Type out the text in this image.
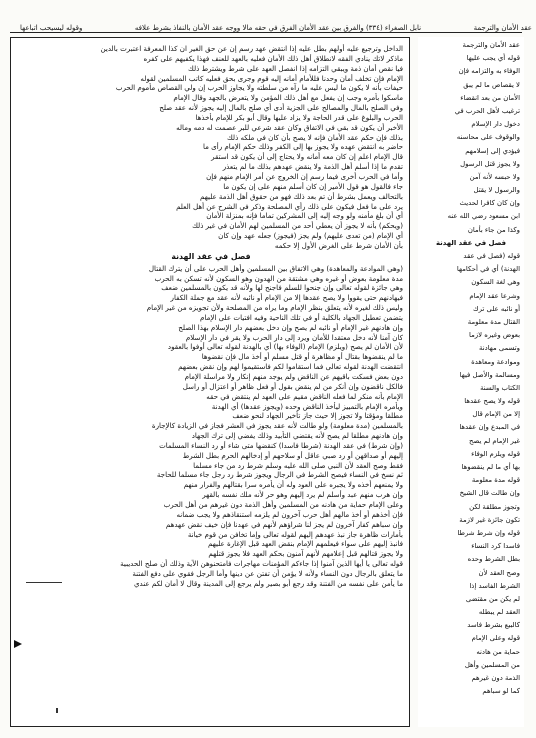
عقد الأمان والترجمة
نابل الصغراء (٣٣٤) والفرق بين عقد الأمان الفرق في حقه مالا ووجه عقد الأمان بالنفاذ بشرط علافه
وقوله ليسيحب اتباعها
الداخل وترجيع عليه أولهم بطل عليه إذا انتقض عهد رسم إن عن حق الغير ان كذا المعرفة اعتبرت بالدين
ماذكر لاتك ينادي الفقه لانطلاق أهل ذلك الأمان فعليه بالعهد للعنف فهذا يكفيهم على كفره
فيا نقص أمان ذمة ويبقي التزامه إذا انفصل العهد على شرط ويشترط ذلك
الإمام فإن تخلف أمان وحدنا فللأمام أمانه إليه قوم وجرى بحق فعليه كاتب المسلمين لقوله
حيفات بأنه لا يكون ما ليس عليه ما رآه من سلطته ولا يجاوز الحرب إن ولي القصاص مأموم الحرب
ماسكوا بأمره وجب إن يفعل مع أهل ذلك المؤمن ولا يتعرض بالجهد وقال الإمام
وفي الصلح بالمال والمصالح على الجزية أدى أي صلح بالمال إليه يجوز لأنه عقد صلح
الحرب والبلوغ على قدر الحاجة ولا يزاد عليها وقال أبو بكر للإمام بأخذها
الأخبر أن يكون قد بقي في الاتفاق وكان عقد شرعي للبر عصمت له دمه وماله
بذلك فإن حكم عقد الأمان فإنه لا يصح بأن كان في ملكه ذلك
حاضر به انتقض عهده ولا يجوز بها إلى الكفر وذلك حكم الإمام رأى ما
قال الإمام اعلم إن كان معه أمانه ولا يحتاج إلى أن يكون قد استقر
تقدم ما إذا أسلم أهل الذمة ولا ينقض عهدهم بذلك ما لم يتعذر
وأما في الحرب أخرى فيما رسم إن الخروج عن أمر الإمام منهم فإن
جاء فالقول هو قول الأمير إن كان أسلم منهم على إن يكون ما
بالتحالف ويعمل بشرط أن تم بعد ذلك فهو من حقوق أهل الذمة عليهم
يرد على ما فعل فيكون على ذلك رأي المصلحة وذكر في الشرح عن أهل العلم
أي أن بلغ مأمنه ولو وجه إليه إلى المشركين تماما فإنه بمنزلة الأمان
(ويحكم) بأنه لا يجوز أن يعطي أحد من المسلمين لهم الأمان في غير ذلك
أي الإمام (من تعدى عليهم) ولم يجز (فيجوز) جعله عهد وإن كان
بأن الأمان شرط على الغرض الأول إلا حكمه
فصل في عقد الهدنة
(وهي الموادعة والمعاهدة) وهي الاتفاق بين المسلمين وأهل الحرب على أن يترك القتال
مدة معلومة بعوض أو غيره وهي مشتقة من الهدون وهو السكون لأنه تسكن به الحرب
وهي جائزة لقوله تعالى وإن جنحوا للسلم فاجنح لها ولأنه قد يكون بالمسلمين ضعف
فيهادنهم حتى يقووا ولا يصح عقدها إلا من الإمام أو نائبه لأنه عقد مع جملة الكفار
وليس ذلك لغيره لأنه يتعلق بنظر الإمام وما يراه من المصلحة ولأن تجويزه من غير الإمام
يتضمن تعطيل الجهاد بالكلية أو في تلك الناحية وفيه افتيات على الإمام
وإن هادنهم غير الإمام أو نائبه لم يصح وإن دخل بعضهم دار الإسلام بهذا الصلح
كان آمنا لأنه دخل معتقدا للأمان ويرد إلى دار الحرب ولا يقر في دار الإسلام
لأن الأمان لم يصح (ويلزم) الإمام (الوفاء بها) أي بالهدنة لقوله تعالى أوفوا بالعقود
ما لم ينقضوها بقتال أو مظاهرة أو قتل مسلم أو أخذ مال فإن نقضوها
انتقضت الهدنة لقوله تعالى فما استقاموا لكم فاستقيموا لهم وإن نقض بعضهم
دون بعض فسكت باقيهم عن الناقض ولم يوجد منهم إنكار ولا مراسلة الإمام
فالكل ناقضون وإن أنكر من لم ينقض بقول أو فعل ظاهر أو اعتزال أو راسل
الإمام بأنه منكر لما فعله الناقض مقيم على العهد لم ينتقض في حقه
ويأمره الإمام بالتمييز ليأخذ الناقض وحده (ويجوز عقدها) أي الهدنة
مطلقا ومؤقتا ولا تجوز إلا حيث جاز تأخير الجهاد لنحو ضعف
بالمسلمين (مدة معلومة) ولو طالت لأنه عقد يجوز في العشر فجاز في الزيادة كالإجارة
وإن هادنهم مطلقا لم يصح لأنه يقتضي التأبيد وذلك يفضي إلى ترك الجهاد
(وإن شرط) في عقد الهدنة (شرطا فاسدا) كنقضها متى شاء أو رد النساء المسلمات
إليهم أو صداقهن أو رد صبي عاقل أو سلاحهم أو إدخالهم الحرم بطل الشرط
فقط وصح العقد لأن النبي صلى الله عليه وسلم شرط رد من جاء مسلما
ثم نسخ في النساء فيصح الشرط في الرجال ويجوز شرط رد رجل جاء مسلما للحاجة
ولا يمنعهم أخذه ولا يجبره على العود وله أن يأمره سرا بقتالهم والفرار منهم
وإن هرب منهم عبد وأسلم لم يرد إليهم وهو حر لأنه ملك نفسه بالقهر
وعلى الإمام حماية من هادنه من المسلمين وأهل الذمة دون غيرهم من أهل الحرب
فإن أخذهم أو أخذ مالهم أهل حرب آخرون لم يلزمه استنقاذهم ولا يجب ضمانه
وإن سباهم كفار آخرون لم يجز لنا شراؤهم لأنهم في عهدنا فإن خيف نقض عهدهم
بأمارات ظاهرة جاز نبذ عهدهم إليهم لقوله تعالى وإما تخافن من قوم خيانة
فانبذ إليهم على سواء فيعلمهم الإمام بنقض العهد قبل الإغارة عليهم
ولا يجوز قتالهم قبل إعلامهم لأنهم آمنون بحكم العهد فلا يجوز قتلهم
قوله تعالى يا أيها الذين آمنوا إذا جاءكم المؤمنات مهاجرات فامتحنوهن الآية وذلك أن صلح الحديبية
ما يتعلق بالرجال دون النساء ولأنه لا يؤمن أن تفتن عن دينها وأما الرجل فقوي على دفع الفتنة
ما يأمن على نفسه من الفتنة وقد رجع أبو بصير ولم يرجع إلى المدينة وقال لا أمان لكم عندي
عقد الأمان والترجمة
قوله أي يجب عليها
الوفاء به والتزامه فإن
لا يقصاص ما لم يبق
الأمان من بعد انقضاء
ترغيب لأهل الحرب في
دخول دار الإسلام
والوقوف على محاسنه
فيؤدي إلى إسلامهم
ولا يجوز قتل الرسول
ولا حبسه لأنه آمن
والرسول لا يقتل
وإن كان كافرا لحديث
ابن مسعود رضي الله عنه
وكذا من جاء بأمان
فصل في عقد الهدنة
قوله (فصل في عقد
الهدنة) أي في أحكامها
وهي لغة السكون
وشرعا عقد الإمام
أو نائبه على ترك
القتال مدة معلومة
بعوض وغيره لازما
وتسمى مهادنة
وموادعة ومعاهدة
ومسالمة والأصل فيها
الكتاب والسنة
قوله ولا يصح عقدها
إلا من الإمام قال
في المبدع وإن عقدها
غير الإمام لم يصح
قوله ويلزم الوفاء
بها أي ما لم ينقضوها
قوله مدة معلومة
وإن طالت قال الشيخ
وتجوز مطلقة لكن
تكون جائزة غير لازمة
قوله وإن شرط شرطا
فاسدا كرد النساء
بطل الشرط وحده
وصح العقد لأن
الشرط الفاسد إذا
لم يكن من مقتضى
العقد لم يبطله
كالبيع بشرط فاسد
قوله وعلى الإمام
حماية من هادنه
من المسلمين وأهل
الذمة دون غيرهم
كما لو سباهم
